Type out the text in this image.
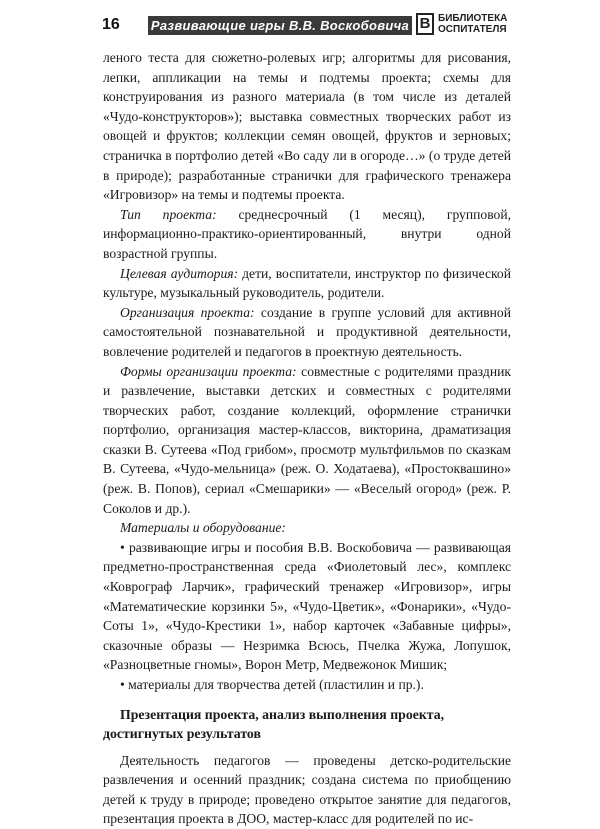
16 Развивающие игры В.В. Воскобовича В БИБЛИОТЕКА
ОСПИТАТЕЛЯ

леного теста для сюжетно-ролевых игр; алгоритмы для рисования, лепки, аппликации на темы и подтемы проекта; схемы для конструирования из разного материала (в том числе из деталей «Чудо-конструкторов»); выставка совместных творческих работ из овощей и фруктов; коллекции семян овощей, фруктов и зерновых; страничка в портфолио детей «Во саду ли в огороде…» (о труде детей в природе); разработанные странички для графического тренажера «Игровизор» на темы и подтемы проекта.

Тип проекта: среднесрочный (1 месяц), групповой, информационно-практико-ориентированный, внутри одной возрастной группы.

Целевая аудитория: дети, воспитатели, инструктор по физической культуре, музыкальный руководитель, родители.

Организация проекта: создание в группе условий для активной самостоятельной познавательной и продуктивной деятельности, вовлечение родителей и педагогов в проектную деятельность.

Формы организации проекта: совместные с родителями праздник и развлечение, выставки детских и совместных с родителями творческих работ, создание коллекций, оформление странички портфолио, организация мастер-классов, викторина, драматизация сказки В. Сутеева «Под грибом», просмотр мультфильмов по сказкам В. Сутеева, «Чудо-мельница» (реж. О. Ходатаева), «Простоквашино» (реж. В. Попов), сериал «Смешарики» — «Веселый огород» (реж. Р. Соколов и др.).

Материалы и оборудование:

• развивающие игры и пособия В.В. Воскобовича — развивающая предметно-пространственная среда «Фиолетовый лес», комплекс «Коврограф Ларчик», графический тренажер «Игровизор», игры «Математические корзинки 5», «Чудо-Цветик», «Фонарики», «Чудо-Соты 1», «Чудо-Крестики 1», набор карточек «Забавные цифры», сказочные образы — Незримка Всюсь, Пчелка Жужа, Лопушок, «Разноцветные гномы», Ворон Метр, Медвежонок Мишик;

• материалы для творчества детей (пластилин и пр.).

Презентация проекта, анализ выполнения проекта, достигнутых результатов

Деятельность педагогов — проведены детско-родительские развлечения и осенний праздник; создана система по приобщению детей к труду в природе; проведено открытое занятие для педагогов, презентация проекта в ДОО, мастер-класс для родителей по ис-
